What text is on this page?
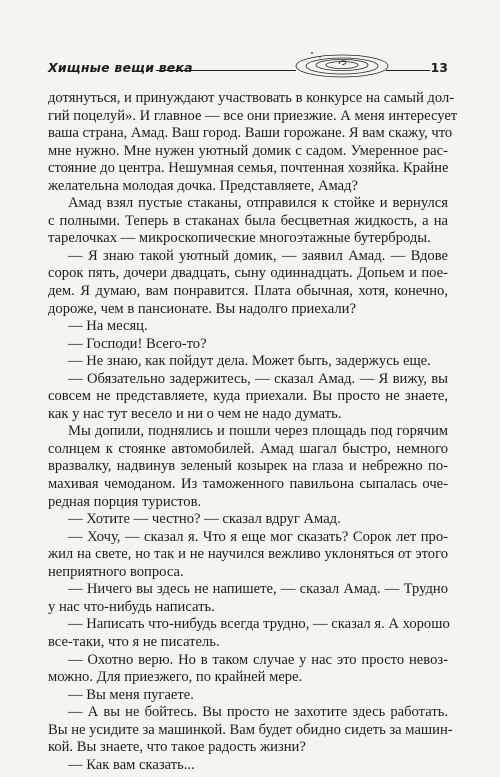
Хищные вещи века	13
дотянуться, и принуждают участвовать в конкурсе на самый дол-
гий поцелуй». И главное — все они приезжие. А меня интересует
ваша страна, Амад. Ваш город. Ваши горожане. Я вам скажу, что
мне нужно. Мне нужен уютный домик с садом. Умеренное рас-
стояние до центра. Нешумная семья, почтенная хозяйка. Крайне
желательна молодая дочка. Представляете, Амад?
Амад взял пустые стаканы, отправился к стойке и вернулся
с полными. Теперь в стаканах была бесцветная жидкость, а на
тарелочках — микроскопические многоэтажные бутерброды.
— Я знаю такой уютный домик, — заявил Амад. — Вдове
сорок пять, дочери двадцать, сыну одиннадцать. Допьем и пое-
дем. Я думаю, вам понравится. Плата обычная, хотя, конечно,
дороже, чем в пансионате. Вы надолго приехали?
— На месяц.
— Господи! Всего-то?
— Не знаю, как пойдут дела. Может быть, задержусь еще.
— Обязательно задержитесь, — сказал Амад. — Я вижу, вы
совсем не представляете, куда приехали. Вы просто не знаете,
как у нас тут весело и ни о чем не надо думать.
Мы допили, поднялись и пошли через площадь под горячим
солнцем к стоянке автомобилей. Амад шагал быстро, немного
вразвалку, надвинув зеленый козырек на глаза и небрежно по-
махивая чемоданом. Из таможенного павильона сыпалась оче-
редная порция туристов.
— Хотите — честно? — сказал вдруг Амад.
— Хочу, — сказал я. Что я еще мог сказать? Сорок лет про-
жил на свете, но так и не научился вежливо уклоняться от этого
неприятного вопроса.
— Ничего вы здесь не напишете, — сказал Амад. — Трудно
у нас что-нибудь написать.
— Написать что-нибудь всегда трудно, — сказал я. А хорошо
все-таки, что я не писатель.
— Охотно верю. Но в таком случае у нас это просто невоз-
можно. Для приезжего, по крайней мере.
— Вы меня пугаете.
— А вы не бойтесь. Вы просто не захотите здесь работать.
Вы не усидите за машинкой. Вам будет обидно сидеть за машин-
кой. Вы знаете, что такое радость жизни?
— Как вам сказать...
